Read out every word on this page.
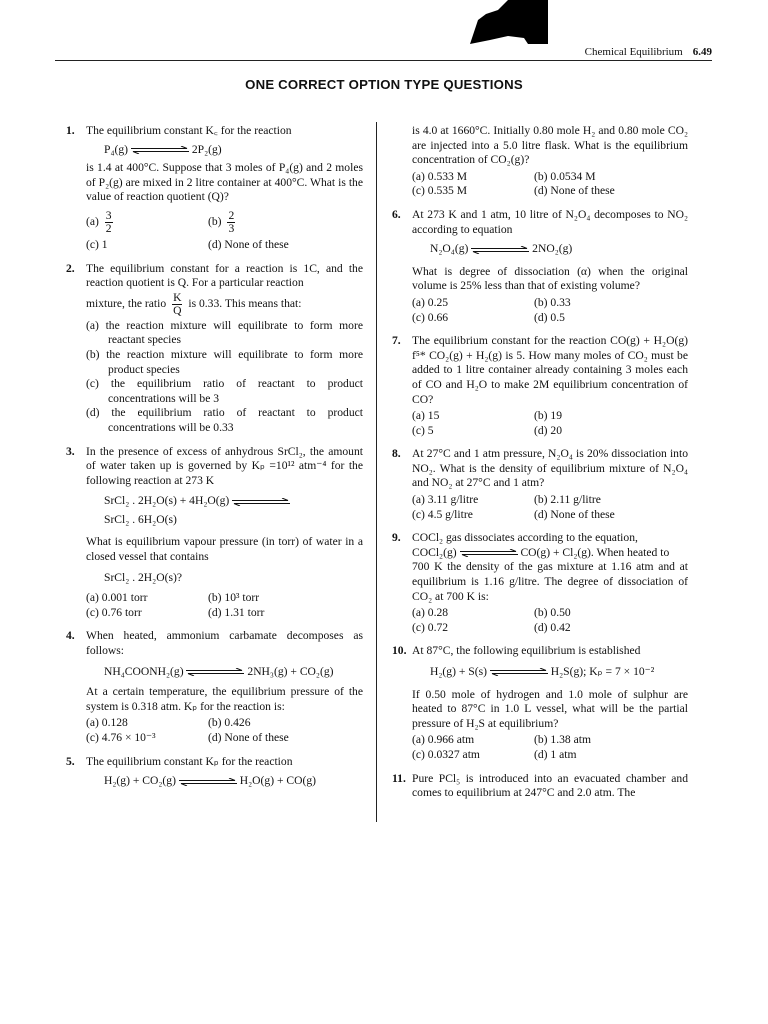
Chemical Equilibrium 6.49
ONE CORRECT OPTION TYPE QUESTIONS
1. The equilibrium constant K꜀ for the reaction
P₄(g)	2P₂(g)
is 1.4 at 400°C. Suppose that 3 moles of P₄(g) and 2 moles of P₂(g) are mixed in 2 litre container at 400°C. What is the value of reaction quotient (Q)?
$(a) \frac{3}{2}$	$(b) \frac{2}{3}$
(c) 1	(d) None of these
2. The equilibrium constant for a reaction is 1C, and the reaction quotient is Q. For a particular reaction
mixture, the ratio $\frac{K}{Q}$ is 0.33. This means that:
(a) the reaction mixture will equilibrate to form more reactant species
(b) the reaction mixture will equilibrate to form more product species
(c) the equilibrium ratio of reactant to product concentrations will be 3
(d) the equilibrium ratio of reactant to product concentrations will be 0.33
3. In the presence of excess of anhydrous SrCl₂, the amount of water taken up is governed by Kₚ =10¹² atm⁻⁴ for the following reaction at 273 K
SrCl₂ . 2H₂O(s) + 4H₂O(g)
SrCl₂ . 6H₂O(s)
What is equilibrium vapour pressure (in torr) of water in a closed vessel that contains
SrCl₂ . 2H₂O(s)?
(a) 0.001 torr	(b) 10³ torr
(c) 0.76 torr	(d) 1.31 torr
4. When heated, ammonium carbamate decomposes as follows:
NH₄COONH₂(g)	2NH₃(g) + CO₂(g)
At a certain temperature, the equilibrium pressure of the system is 0.318 atm. Kₚ for the reaction is:
(a) 0.128	(b) 0.426
(c) 4.76 × 10⁻³	(d) None of these
5. The equilibrium constant Kₚ for the reaction
H₂(g) + CO₂(g)	H₂O(g) + CO(g)
is 4.0 at 1660°C. Initially 0.80 mole H₂ and 0.80 mole CO₂ are injected into a 5.0 litre flask. What is the equilibrium concentration of CO₂(g)?
(a) 0.533 M	(b) 0.0534 M
(c) 0.535 M	(d) None of these
6. At 273 K and 1 atm, 10 litre of N₂O₄ decomposes to NO₂ according to equation
N₂O₄(g)	2NO₂(g)
What is degree of dissociation (α) when the original volume is 25% less than that of existing volume?
(a) 0.25	(b) 0.33
(c) 0.66	(d) 0.5
7. The equilibrium constant for the reaction CO(g) + H₂O(g) f⁵* CO₂(g) + H₂(g) is 5. How many moles of CO₂ must be added to 1 litre container already containing 3 moles each of CO and H₂O to make 2M equilibrium concentration of CO?
(a) 15	(b) 19
(c) 5	(d) 20
8. At 27°C and 1 atm pressure, N₂O₄ is 20% dissociation into NO₂. What is the density of equilibrium mixture of N₂O₄ and NO₂ at 27°C and 1 atm?
(a) 3.11 g/litre	(b) 2.11 g/litre
(c) 4.5 g/litre	(d) None of these
9. COCl₂ gas dissociates according to the equation,
COCl₂(g)	CO(g) + Cl₂(g). When heated to
700 K the density of the gas mixture at 1.16 atm and at equilibrium is 1.16 g/litre. The degree of dissociation of CO₂ at 700 K is:
(a) 0.28	(b) 0.50
(c) 0.72	(d) 0.42
10. At 87°C, the following equilibrium is established
H₂(g) + S(s)	H₂S(g); Kₚ = 7 × 10⁻²
If 0.50 mole of hydrogen and 1.0 mole of sulphur are heated to 87°C in 1.0 L vessel, what will be the partial pressure of H₂S at equilibrium?
(a) 0.966 atm	(b) 1.38 atm
(c) 0.0327 atm	(d) 1 atm
11. Pure PCl₅ is introduced into an evacuated chamber and comes to equilibrium at 247°C and 2.0 atm. The
